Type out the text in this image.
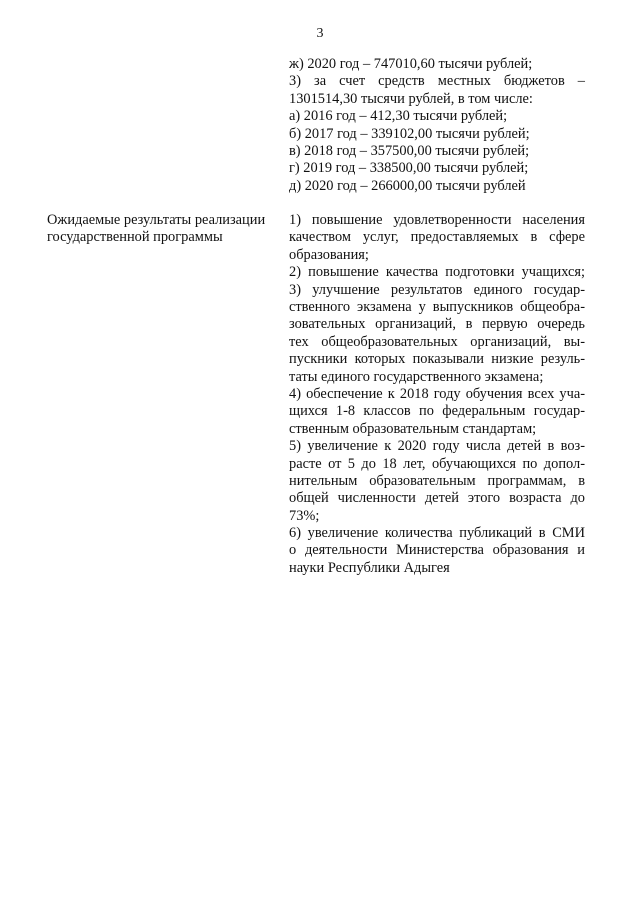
3
ж) 2020 год – 747010,60 тысячи рублей;
3) за счет средств местных бюджетов –
1301514,30 тысячи рублей, в том числе:
а) 2016 год – 412,30 тысячи рублей;
б) 2017 год – 339102,00 тысячи рублей;
в) 2018 год – 357500,00 тысячи рублей;
г) 2019 год – 338500,00 тысячи рублей;
д) 2020 год – 266000,00 тысячи рублей
Ожидаемые результаты реализации
государственной программы
1) повышение удовлетворенности населения
качеством услуг, предоставляемых в сфере
образования;
2) повышение качества подготовки учащихся;
3) улучшение результатов единого государ-
ственного экзамена у выпускников общеобра-
зовательных организаций, в первую очередь
тех общеобразовательных организаций, вы-
пускники которых показывали низкие резуль-
таты единого государственного экзамена;
4) обеспечение к 2018 году обучения всех уча-
щихся 1-8 классов по федеральным государ-
ственным образовательным стандартам;
5) увеличение к 2020 году числа детей в воз-
расте от 5 до 18 лет, обучающихся по допол-
нительным образовательным программам, в
общей численности детей этого возраста до
73%;
6) увеличение количества публикаций в СМИ
о деятельности Министерства образования и
науки Республики Адыгея
